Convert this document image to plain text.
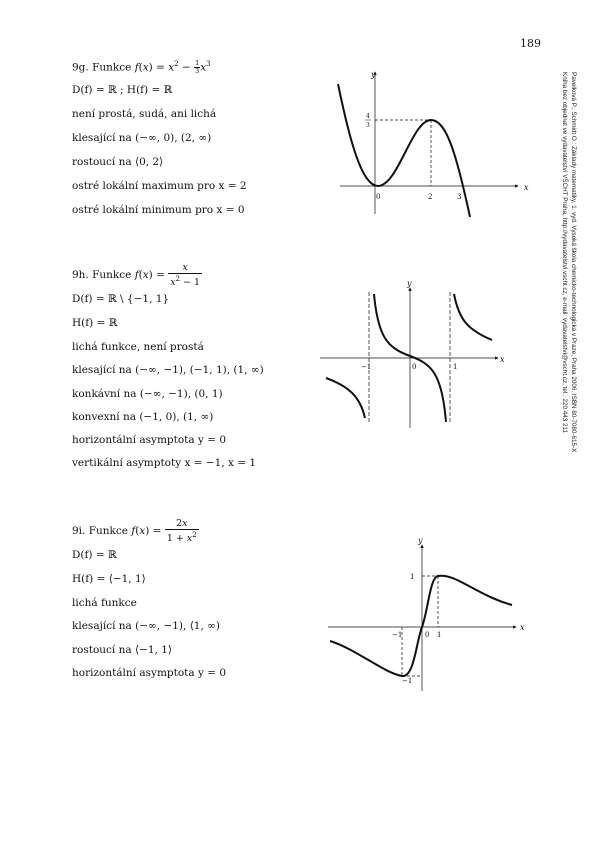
189
Pavelková P., Schmidt O.: Základy matematiky, 1. vyd. Vysoká škola chemicko-technologická v Praze, Praha 2006. ISBN 80-7080-615-X
Kniha bez objednat ve vydavatelství VŠCHT Praha, http://vydavatelstvi.vscht.cz, e-mail: vydavatelstvi@vscht.cz, tel.: 220 443 211
9g. Funkce $f(x) = x^2 - \frac{1}{3} x^3$
D(f) = ℝ ; H(f) = ℝ
není prostá, sudá, ani lichá
klesající na (−∞, 0), (2, ∞)
rostoucí na ⟨0, 2⟩
ostré lokální maximum pro x = 2
ostré lokální minimum pro x = 0
x
y
0	2	3
4
3
9h. Funkce $f(x) = \frac{x}{x^2 - 1}$
D(f) = ℝ \ {−1, 1}
H(f) = ℝ
lichá funkce, není prostá
klesající na (−∞, −1), (−1, 1), (1, ∞)
konkávní na (−∞, −1), (0, 1)
konvexní na (−1, 0), (1, ∞)
horizontální asymptota y = 0
vertikální asymptoty x = −1, x = 1
x
y
−1	0	1
9i. Funkce $f(x) = \frac{2x}{1 + x^2}$
D(f) = ℝ
H(f) = ⟨−1, 1⟩
lichá funkce
klesající na (−∞, −1), ⟨1, ∞)
rostoucí na ⟨−1, 1⟩
horizontální asymptota y = 0
x
y
−1	0 1
1
−1
